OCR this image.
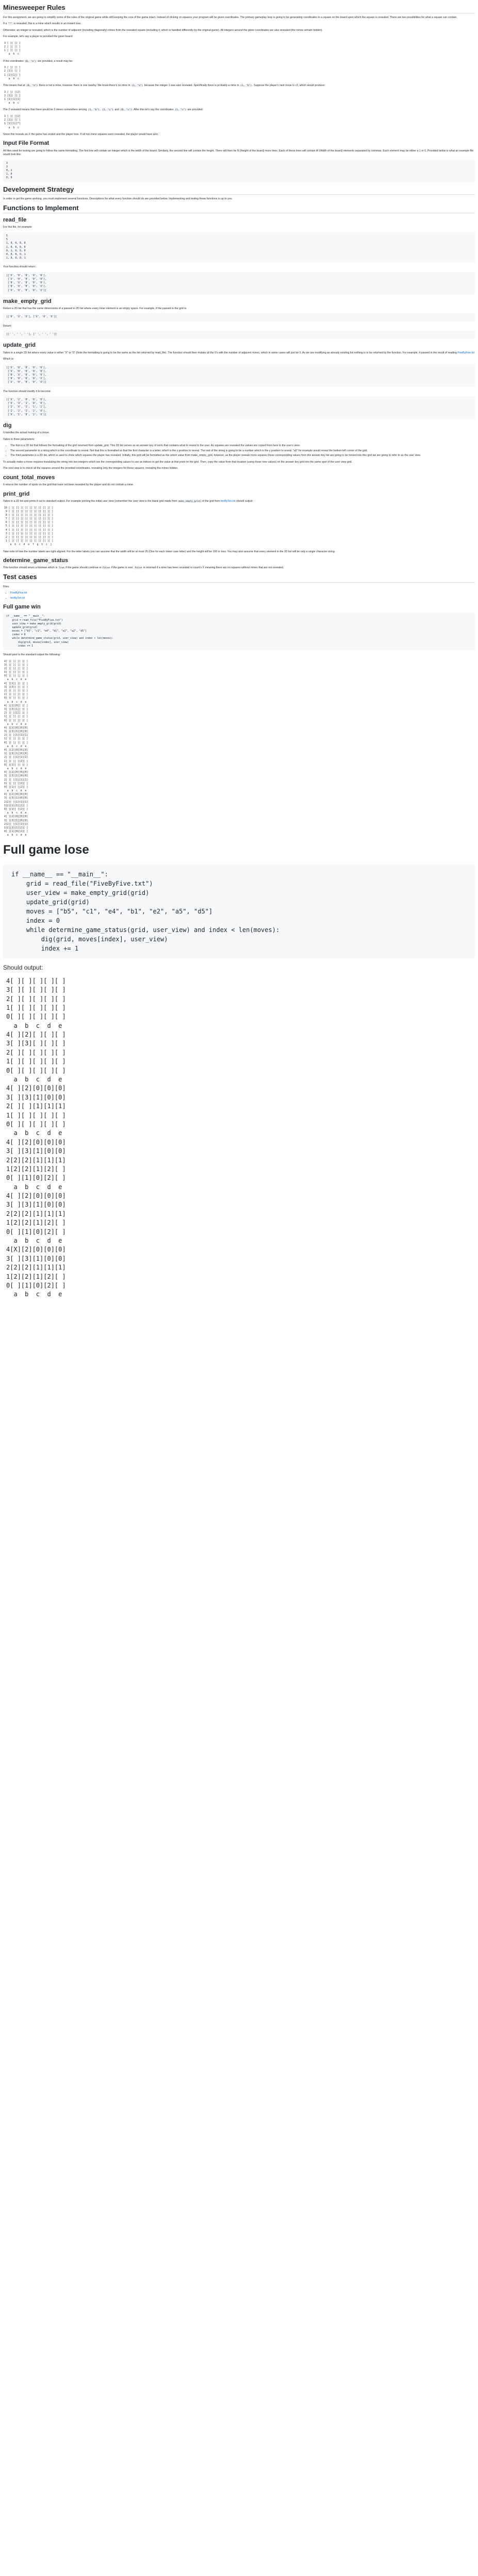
Minesweeper Rules

For this assignment, we are going to simplify some of the rules of the original game while still keeping the core of the game intact. Instead of clicking on squares your program will be given coordinates. The primary gameplay loop is going to be generating coordinates to a square on the board upon which the square is revealed. There are two possibilities for what a square can contain.

If a "*" is revealed, this is a mine which results in an instant loss.

Otherwise, an integer is revealed, which is the number of adjacent (including diagonally) mines from the revealed square (including it, which is handled differently by the original game). All integers around the given coordinates are also revealed (the mines remain hidden).

For example, let's say a player is provided the given board:

3 [ ][ ][ ]
2 [ ][ ][ ]
1 [ ][ ][ ]
a  b  c

If the coordinates (B, "a") are provided, a result may be:

3 [ ][ ][ ]
2 [1][ ][ ]
1 [1][1][ ]
a  b  c

This means that at (B, "a") there is not a mine, however there is one nearby. We know there's no mine in (1, "a") because the integer 1 was also revealed. Specifically there is probably a mine in (1, "b"). Suppose the player's next move is c3, which would produce:

3 [ ][ ][2]
2 [1][ ][ ]
1 [1][1][1]
a  b  c

The 2 revealed means that there would be 2 mines somewhere among (1, "b"), (2, "c") and (B, "c"). After this let's say the coordinates (1, "c") are provided:

3 [ ][ ][2]
2 [1][ ][ ]
1 [1][1][*]
a  b  c

Since this reveals an X the game has ended and the player loss. If all non-mine squares were revealed, the player would have won.

Input File Format

All files used for testing are going to follow the same formatting. The first line will contain an integer which is the width of the board. Similarly, the second line will contain the height. There will then be N (Height of the board) more lines. Each of these lines will contain M (Width of the board) elements separated by commas. Each element may be either a 1 or 0. Provided below is what an example file would look like:

3
3
0, 1
1, 0
0, 0
Development Strategy

In order to get the game working, you must implement several functions. Descriptions for what every function should do are provided below. Implementing and testing these functions is up to you.

Functions to Implement
read_file

For this file, for example:

5
5
1, 0, 0, 0, 0
1, 0, 0, 0, 0
0, 1, 0, 0, 0
0, 0, 0, 0, 1
1, 0, 0, 0, 1

Your function should return:

[['X', '0', '0', '0', '0'],
['X', '0', '0', '0', '0'],
['0', 'X', '0', '0', '0'],
['0', '0', '0', '0', 'X'],
['X', '0', '0', '0', 'X']]
make_empty_grid

Return a 2D list that has the same dimensions of a passed in 2D list where every inner element is an empty space. For example, if the passed in the grid is:

[['0', 'X', 'X'], ['X', '0', 'X']]

Return:

[[' ', ' ', ' '], [' ', ' ', ' ']]
update_grid

Takes in a single 2D list where every value is either "X" or "0" (Note the formatting is going to be the same as the list returned by read_file). The function should then mutate all the 0's with the number of adjacent mines, which in some cases will just be 0. As we are modifying an already existing list nothing is to be returned by the function. For example, if passed in the result of reading FiveByFive.txt

Which is:

[['X', '0', '0', '0', '0'],
['X', '0', '0', '0', '0'],
['0', 'X', '0', '0', '0'],
['0', '0', '0', '0', 'X'],
['X', '0', '0', '0', 'X']]

The function should modify it to become:

[['X', '2', '0', '0', '0'],
['X', '3', '1', '0', '0'],
['2', 'X', '1', '1', '1'],
['2', '2', '1', '2', 'X'],
['X', '1', '0', '2', 'X']]
dig

It handles the actual making of a move.

Takes in three parameters:

• The first is a 2D list that follows the formatting of the grid returned from update_grid. This 2D list serves as an answer key of sorts that contains what to reveal to the user. As squares are revealed the values are copied from here to the user's view.
• The second parameter is a string which is the coordinate to reveal. Not that this is formatted so that the first character is a letter, which is the x position to reveal. The rest of the string is going to be a number which is the y position to reveal. "a0" for example would reveal the bottom left corner of the grid.
• The third parameter is a 2D list, which is used to show which squares the player has revealed. Initially, this grid will be formatted as the return value from make_empty_grid, however, as the player reveals more squares those corresponding values from the answer key list are going to be moved into this grid we are going to refer to as the user view.

To actually make a move requires translating the string into two integers which are the corresponding values to use as indices to get the value at that point on the grid. Then, copy the value from that location (using those new values) on the answer key grid into the same spot of the user view grid.

The next step is to check all the squares around the provided coordinates, revealing only the integers for those squares, revealing the mines hidden.

count_total_moves

It returns the number of spots on the grid that have not been revealed by the player and do not contain a mine.

print_grid

Takes in a 2D list and prints it out to standard output. For example printing the initial user view (remember the user view is the blank grid made from make_empty_grid) of the grid from tenByTen.txt should output:

10 [ ][ ][ ][ ][ ][ ][ ][ ][ ][ ]
9 [ ][ ][ ][ ][ ][ ][ ][ ][ ][ ]
8 [ ][ ][ ][ ][ ][ ][ ][ ][ ][ ]
7 [ ][ ][ ][ ][ ][ ][ ][ ][ ][ ]
6 [ ][ ][ ][ ][ ][ ][ ][ ][ ][ ]
5 [ ][ ][ ][ ][ ][ ][ ][ ][ ][ ]
4 [ ][ ][ ][ ][ ][ ][ ][ ][ ][ ]
3 [ ][ ][ ][ ][ ][ ][ ][ ][ ][ ]
2 [ ][ ][ ][ ][ ][ ][ ][ ][ ][ ]
1 [ ][ ][ ][ ][ ][ ][ ][ ][ ][ ]
a  b  c  d  e  f  g  h  i  j

Take note of how the number labels are right aligned. For the letter labels you can assume that the width will be at most 26 (One for each lower case letter) and the height will be 100 or less. You may also assume that every element in the 2D list will be only a single character string.

determine_game_status

This function should return a boolean which is True if the game should continue or False if the game is over. False is returned if a mine has been revealed or count's X meaning there are no squares without mines that are not revealed.

Test cases

Files:

• FiveByFive.txt
• tenByTen.txt
Full game win
if __name__ == "__main__":
grid = read_file("FiveByFive.txt")
user_view = make_empty_grid(grid)
update_grid(grid)
moves = ["b5", "c1", "e4", "b1", "e2", "a2", "d5"]
index = 0
while determine_game_status(grid, user_view) and index < len(moves):
dig(grid, moves[index], user_view)
index += 1

Should print to the standard output the following:

4[ ][ ][ ][ ][ ]
3[ ][ ][ ][ ][ ]
2[ ][ ][ ][ ][ ]
1[ ][ ][ ][ ][ ]
0[ ][ ][ ][ ][ ]
a  b  c  d  e
4[ ][2][ ][ ][ ]
3[ ][3][ ][ ][ ]
2[ ][ ][ ][ ][ ]
1[ ][ ][ ][ ][ ]
0[ ][ ][ ][ ][ ]
a  b  c  d  e
4[ ][2][0][ ][ ]
3[ ][3][1][ ][ ]
2[ ][ ][1][ ][ ]
1[ ][ ][ ][ ][ ]
0[ ][ ][ ][ ][ ]
a  b  c  d  e
4[ ][2][0][0][0]
3[ ][3][1][0][0]
2[ ][ ][1][1][1]
1[ ][ ][ ][ ][ ]
0[ ][ ][ ][ ][ ]
a  b  c  d  e
4[ ][2][0][0][0]
3[ ][3][1][0][0]
2[ ][ ][1][1][1]
1[ ][ ][ ][2][ ]
0[ ][1][ ][ ][ ]
a  b  c  d  e
4[ ][2][0][0][0]
3[ ][3][1][0][0]
2[ ][ ][1][1][1]
1[ ][ ][ ][2][ ]
0[ ][1][ ][2][ ]
a  b  c  d  e
4[ ][2][0][0][0]
3[ ][3][1][0][0]
2[2][ ][1][1][1]
1[2][2][1][2][ ]
0[ ][1][ ][2][ ]
a  b  c  d  e
4[ ][2][0][0][0]
3[ ][3][1][0][0]
2[2][ ][1][1][1]
1[2][2][1][2][ ]
0[ ][1][0][2][ ]
a  b  c  d  e
Full game lose
if __name__ == "__main__":
grid = read_file("FiveByFive.txt")
user_view = make_empty_grid(grid)
update_grid(grid)
moves = ["b5", "c1", "e4", "b1", "e2", "a5", "d5"]
index = 0
while determine_game_status(grid, user_view) and index < len(moves):
dig(grid, moves[index], user_view)
index += 1

Should output:

4[ ][ ][ ][ ][ ]
3[ ][ ][ ][ ][ ]
2[ ][ ][ ][ ][ ]
1[ ][ ][ ][ ][ ]
0[ ][ ][ ][ ][ ]
a  b  c  d  e
4[ ][2][ ][ ][ ]
3[ ][3][ ][ ][ ]
2[ ][ ][ ][ ][ ]
1[ ][ ][ ][ ][ ]
0[ ][ ][ ][ ][ ]
a  b  c  d  e
4[ ][2][0][0][0]
3[ ][3][1][0][0]
2[ ][ ][1][1][1]
1[ ][ ][ ][ ][ ]
0[ ][ ][ ][ ][ ]
a  b  c  d  e
4[ ][2][0][0][0]
3[ ][3][1][0][0]
2[2][2][1][1][1]
1[2][2][1][2][ ]
0[ ][1][0][2][ ]
a  b  c  d  e
4[ ][2][0][0][0]
3[ ][3][1][0][0]
2[2][2][1][1][1]
1[2][2][1][2][ ]
0[ ][1][0][2][ ]
a  b  c  d  e
4[X][2][0][0][0]
3[ ][3][1][0][0]
2[2][2][1][1][1]
1[2][2][1][2][ ]
0[ ][1][0][2][ ]
a  b  c  d  e
